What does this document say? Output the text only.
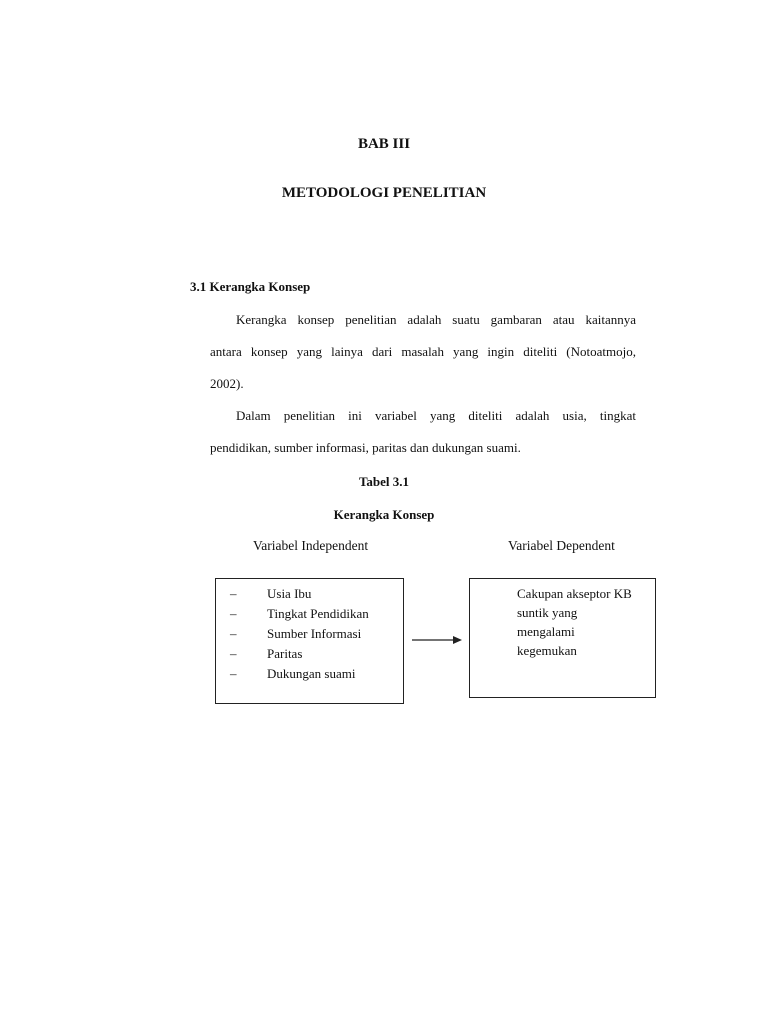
BAB III
METODOLOGI PENELITIAN
3.1 Kerangka Konsep
Kerangka konsep penelitian adalah suatu gambaran atau kaitannya
antara konsep yang lainya dari masalah yang ingin diteliti (Notoatmojo,
2002).
Dalam penelitian ini variabel yang diteliti adalah usia, tingkat
pendidikan, sumber informasi, paritas dan dukungan suami.
Tabel 3.1
Kerangka Konsep
Variabel Independent	Variabel Dependent
–	Usia Ibu
–	Tingkat Pendidikan
–	Sumber Informasi
–	Paritas
–	Dukungan suami
Cakupan akseptor KB
suntik yang
mengalami
kegemukan
